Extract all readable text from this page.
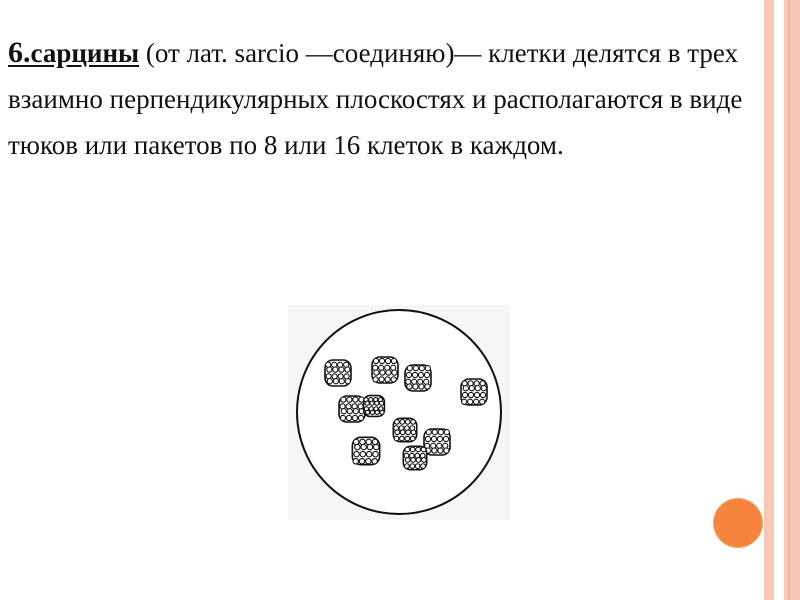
6.сарцины (от лат. sarcio —соединяю)— клетки делятся в трех взаимно перпендикулярных плоскостях и располагаются в виде тюков или пакетов по 8 или 16 клеток в каждом.
